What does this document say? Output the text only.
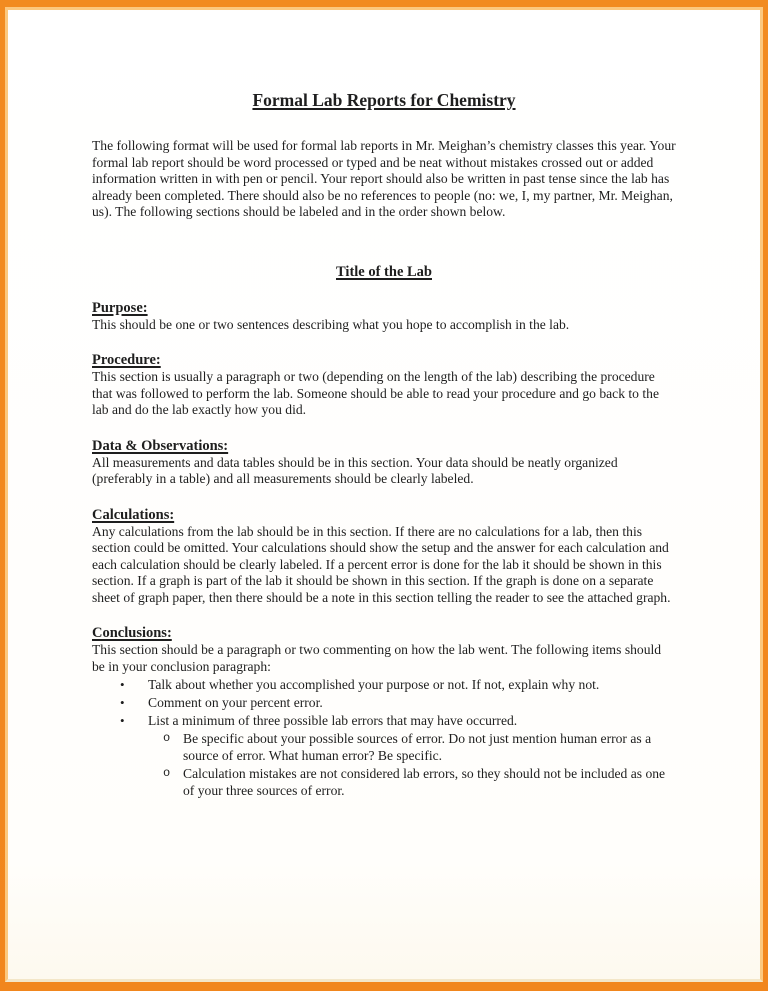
Formal Lab Reports for Chemistry

The following format will be used for formal lab reports in Mr. Meighan’s chemistry classes this year. Your formal lab report should be word processed or typed and be neat without mistakes crossed out or added information written in with pen or pencil. Your report should also be written in past tense since the lab has already been completed. There should also be no references to people (no: we, I, my partner, Mr. Meighan, us). The following sections should be labeled and in the order shown below.

Title of the Lab
Purpose:

This should be one or two sentences describing what you hope to accomplish in the lab.

Procedure:

This section is usually a paragraph or two (depending on the length of the lab) describing the procedure that was followed to perform the lab. Someone should be able to read your procedure and go back to the lab and do the lab exactly how you did.

Data & Observations:

All measurements and data tables should be in this section. Your data should be neatly organized (preferably in a table) and all measurements should be clearly labeled.

Calculations:

Any calculations from the lab should be in this section. If there are no calculations for a lab, then this section could be omitted. Your calculations should show the setup and the answer for each calculation and each calculation should be clearly labeled. If a percent error is done for the lab it should be shown in this section. If a graph is part of the lab it should be shown in this section. If the graph is done on a separate sheet of graph paper, then there should be a note in this section telling the reader to see the attached graph.

Conclusions:

This section should be a paragraph or two commenting on how the lab went. The following items should be in your conclusion paragraph:

•	Talk about whether you accomplished your purpose or not. If not, explain why not.
•	Comment on your percent error.
•	List a minimum of three possible lab errors that may have occurred.
o Be specific about your possible sources of error. Do not just mention human error as a source of error. What human error? Be specific.
o Calculation mistakes are not considered lab errors, so they should not be included as one of your three sources of error.
